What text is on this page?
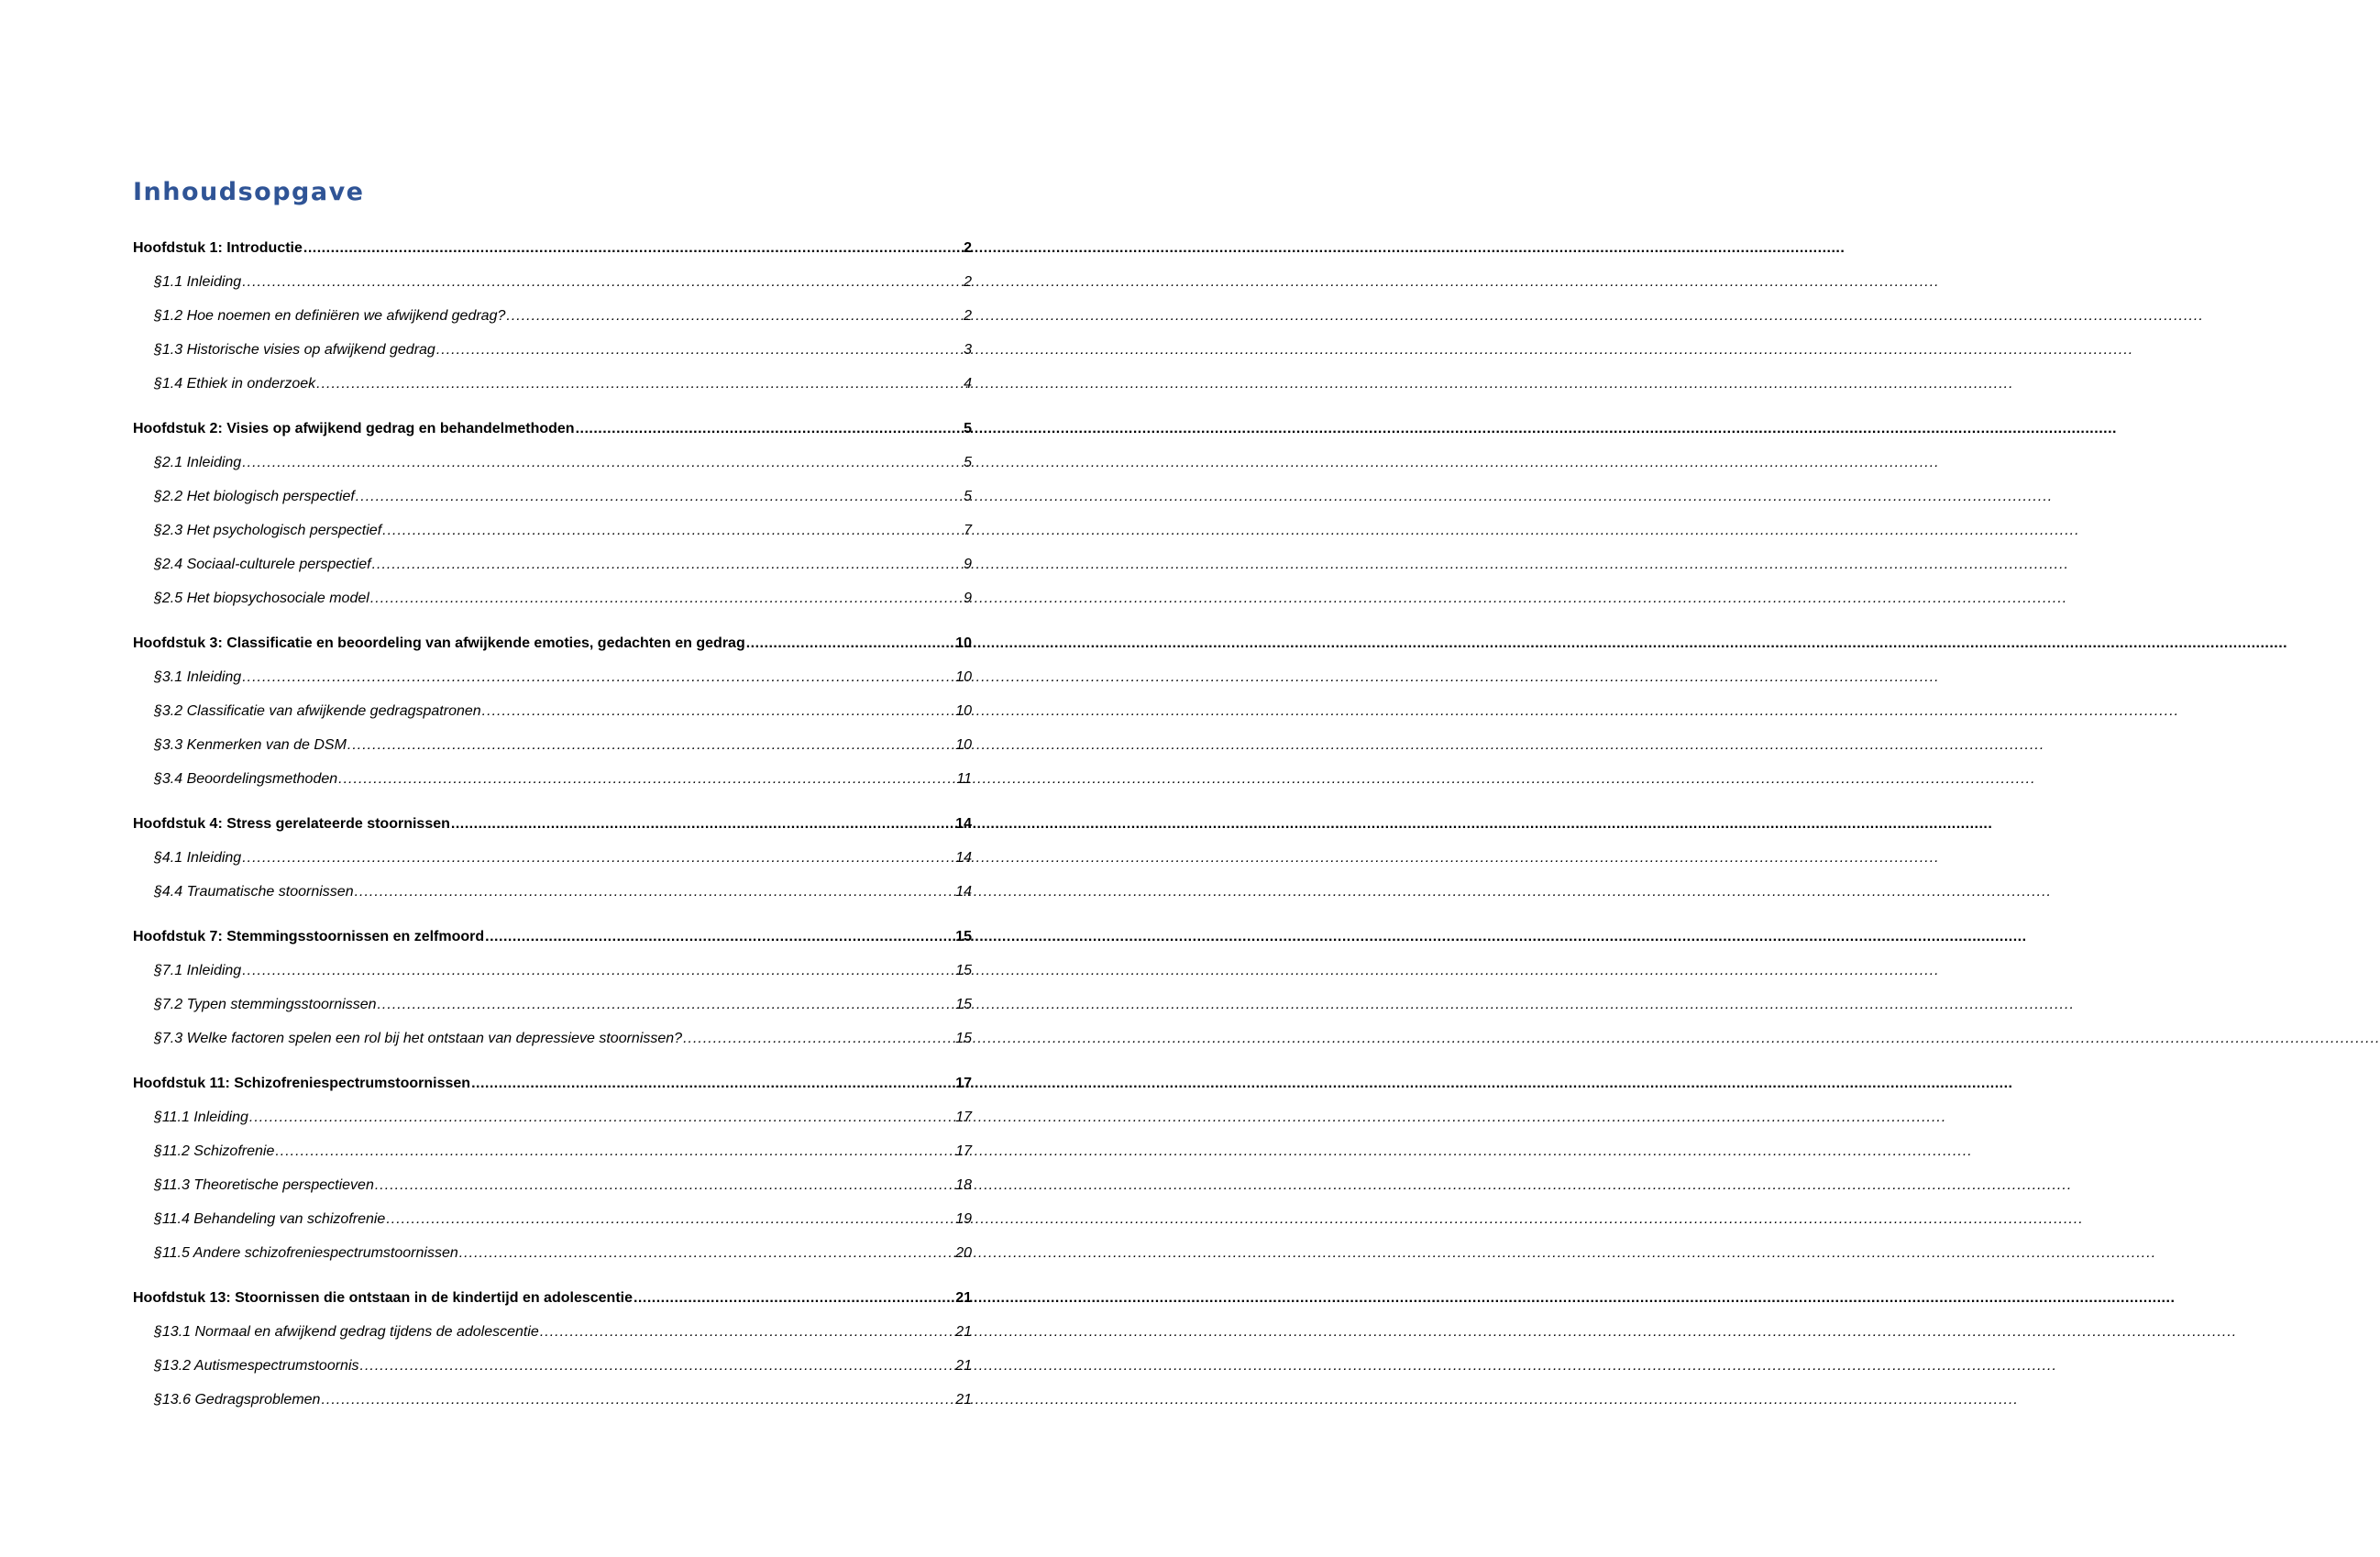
Inhoudsopgave
Hoofdstuk 1: Introductie .....	2
§1.1 Inleiding .....	2
§1.2 Hoe noemen en definiëren we afwijkend gedrag? .....	2
§1.3 Historische visies op afwijkend gedrag .....	3
§1.4 Ethiek in onderzoek .....	4
Hoofdstuk 2: Visies op afwijkend gedrag en behandelmethoden .....	5
§2.1 Inleiding .....	5
§2.2 Het biologisch perspectief .....	5
§2.3 Het psychologisch perspectief .....	7
§2.4 Sociaal-culturele perspectief .....	9
§2.5 Het biopsychosociale model .....	9
Hoofdstuk 3: Classificatie en beoordeling van afwijkende emoties, gedachten en gedrag .....	10
§3.1 Inleiding .....	10
§3.2 Classificatie van afwijkende gedragspatronen .....	10
§3.3 Kenmerken van de DSM .....	10
§3.4 Beoordelingsmethoden .....	11
Hoofdstuk 4: Stress gerelateerde stoornissen .....	14
§4.1 Inleiding .....	14
§4.4 Traumatische stoornissen .....	14
Hoofdstuk 7: Stemmingsstoornissen en zelfmoord .....	15
§7.1 Inleiding .....	15
§7.2 Typen stemmingsstoornissen .....	15
§7.3 Welke factoren spelen een rol bij het ontstaan van depressieve stoornissen? .....	15
Hoofdstuk 11: Schizofreniespectrumstoornissen .....	17
§11.1 Inleiding .....	17
§11.2 Schizofrenie .....	17
§11.3 Theoretische perspectieven .....	18
§11.4 Behandeling van schizofrenie .....	19
§11.5 Andere schizofreniespectrumstoornissen .....	20
Hoofdstuk 13: Stoornissen die ontstaan in de kindertijd en adolescentie .....	21
§13.1 Normaal en afwijkend gedrag tijdens de adolescentie .....	21
§13.2 Autismespectrumstoornis .....	21
§13.6 Gedragsproblemen .....	21
